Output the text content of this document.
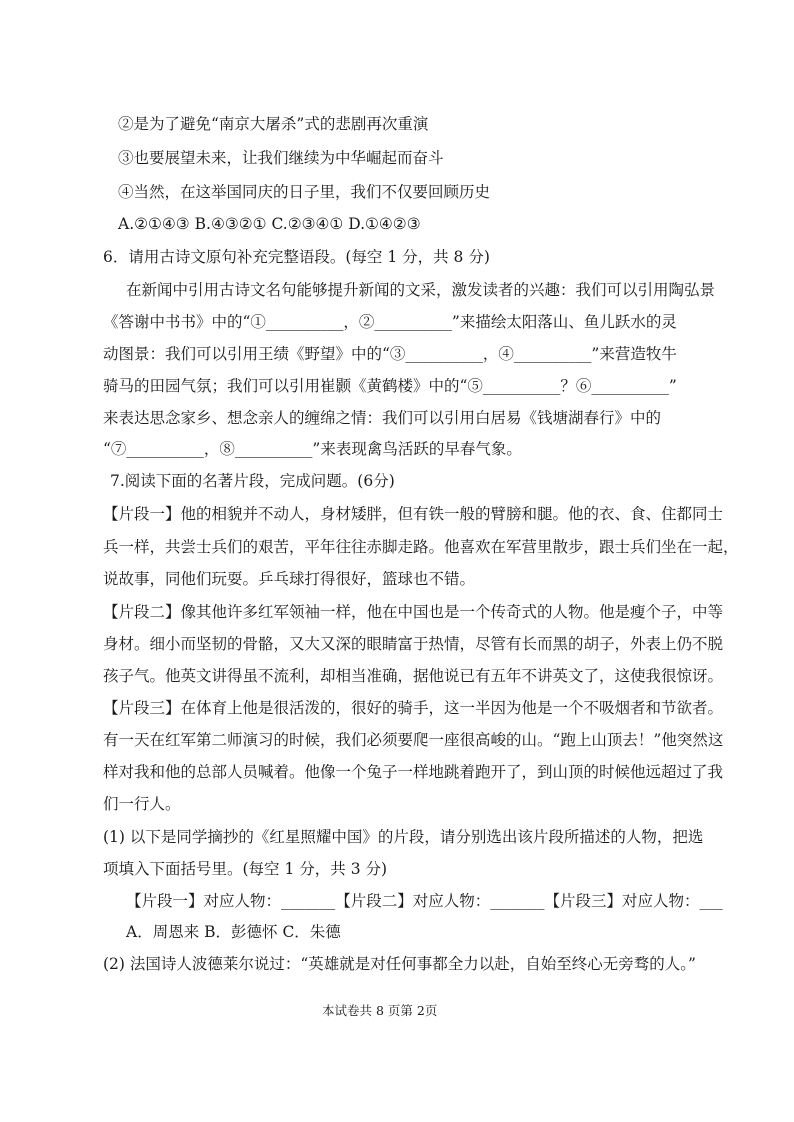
②是为了避免“南京大屠杀”式的悲剧再次重演
③也要展望未来，让我们继续为中华崛起而奋斗
④当然，在这举国同庆的日子里，我们不仅要回顾历史
A.②①④③ B.④③②① C.②③④① D.①④②③
6．请用古诗文原句补充完整语段。(每空 1 分，共 8 分)
在新闻中引用古诗文名句能够提升新闻的文采，激发读者的兴趣：我们可以引用陶弘景
《答谢中书书》中的“①__________，②__________”来描绘太阳落山、鱼儿跃水的灵
动图景：我们可以引用王绩《野望》中的“③__________，④__________”来营造牧牛
骑马的田园气氛；我们可以引用崔颢《黄鹤楼》中的“⑤__________？⑥__________”
来表达思念家乡、想念亲人的缠绵之情：我们可以引用白居易《钱塘湖春行》中的
“⑦__________，⑧__________”来表现禽鸟活跃的早春气象。
7.阅读下面的名著片段，完成问题。(6分)
【片段一】他的相貌并不动人，身材矮胖，但有铁一般的臂膀和腿。他的衣、食、住都同士
兵一样，共尝士兵们的艰苦，平年往往赤脚走路。他喜欢在军营里散步，跟士兵们坐在一起，
说故事，同他们玩耍。乒乓球打得很好，篮球也不错。
【片段二】像其他许多红军领袖一样，他在中国也是一个传奇式的人物。他是瘦个子，中等
身材。细小而坚韧的骨骼，又大又深的眼睛富于热情，尽管有长而黑的胡子，外表上仍不脱
孩子气。他英文讲得虽不流利，却相当准确，据他说已有五年不讲英文了，这使我很惊讶。
【片段三】在体育上他是很活泼的，很好的骑手，这一半因为他是一个不吸烟者和节欲者。
有一天在红军第二师演习的时候，我们必须要爬一座很高峻的山。“跑上山顶去！”他突然这
样对我和他的总部人员喊着。他像一个兔子一样地跳着跑开了，到山顶的时候他远超过了我
们一行人。
(1) 以下是同学摘抄的《红星照耀中国》的片段，请分别选出该片段所描述的人物，把选
项填入下面括号里。(每空 1 分，共 3 分)
【片段一】对应人物：_______【片段二】对应人物：_______【片段三】对应人物：___
A．周恩来 B．彭德怀 C．朱德
(2) 法国诗人波德莱尔说过：“英雄就是对任何事都全力以赴，自始至终心无旁骛的人。”
本试卷共 8 页第 2页
